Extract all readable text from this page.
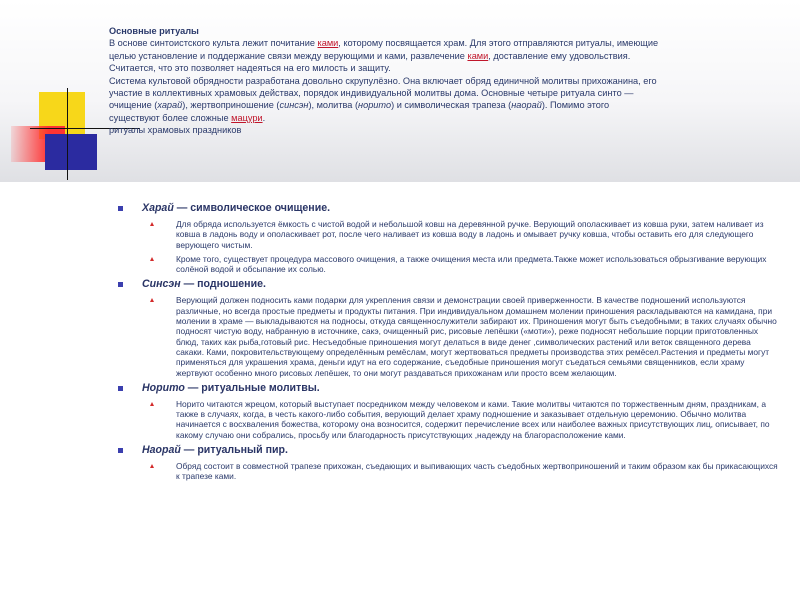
Основные ритуалы
В основе синтоистского культа лежит почитание ками, которому посвящается храм. Для этого отправляются ритуалы, имеющие
целью установление и поддержание связи между верующими и ками, развлечение ками, доставление ему удовольствия.
Считается, что это позволяет надеяться на его милость и защиту.
Система культовой обрядности разработана довольно скрупулёзно. Она включает обряд единичной молитвы прихожанина, его
участие в коллективных храмовых действах, порядок индивидуальной молитвы дома. Основные четыре ритуала синто —
очищение (харай), жертвоприношение (синсэн), молитва (норито) и символическая трапеза (наорай). Помимо этого
существуют более сложные мацури.
ритуалы храмовых праздников
Харай — символическое очищение.
Для обряда используется ёмкость с чистой водой и небольшой ковш на деревянной ручке. Верующий ополаскивает из ковша руки, затем наливает из ковша в ладонь воду и ополаскивает рот, после чего наливает из ковша воду в ладонь и омывает ручку ковша, чтобы оставить его для следующего верующего чистым.
Кроме того, существует процедура массового очищения, а также очищения места или предмета.Также может использоваться обрызгивание верующих солёной водой и обсыпание их солью.
Синсэн — подношение.
Верующий должен подносить ками подарки для укрепления связи и демонстрации своей приверженности. В качестве подношений используются различные, но всегда простые предметы и продукты питания. При индивидуальном домашнем молении приношения раскладываются на камидана, при молении в храме — выкладываются на подносы, откуда священнослужители забирают их. Приношения могут быть съедобными; в таких случаях обычно подносят чистую воду, набранную в источнике, сакэ, очищенный рис, рисовые лепёшки («моти»), реже подносят небольшие порции приготовленных блюд, таких как рыба,готовый рис. Несъедобные приношения могут делаться в виде денег ,символических растений или веток священного дерева сакаки. Ками, покровительствующему определённым ремёслам, могут жертвоваться предметы производства этих ремёсел.Растения и предметы могут применяться для украшения храма, деньги идут на его содержание, съедобные приношения могут съедаться семьями священников, если храму жертвуют особенно много рисовых лепёшек, то они могут раздаваться прихожанам или просто всем желающим.
Норито — ритуальные молитвы.
Норито читаются жрецом, который выступает посредником между человеком и ками. Такие молитвы читаются по торжественным дням, праздникам, а также в случаях, когда, в честь какого-либо события, верующий делает храму подношение и заказывает отдельную церемонию. Обычно молитва начинается с восхваления божества, которому она возносится, содержит перечисление всех или наиболее важных присутствующих лиц, описывает, по какому случаю они собрались, просьбу или благодарность присутствующих ,надежду на благорасположение ками.
Наорай — ритуальный пир.
Обряд состоит в совместной трапезе прихожан, съедающих и выпивающих часть съедобных жертвоприношений и таким образом как бы прикасающихся к трапезе ками.
